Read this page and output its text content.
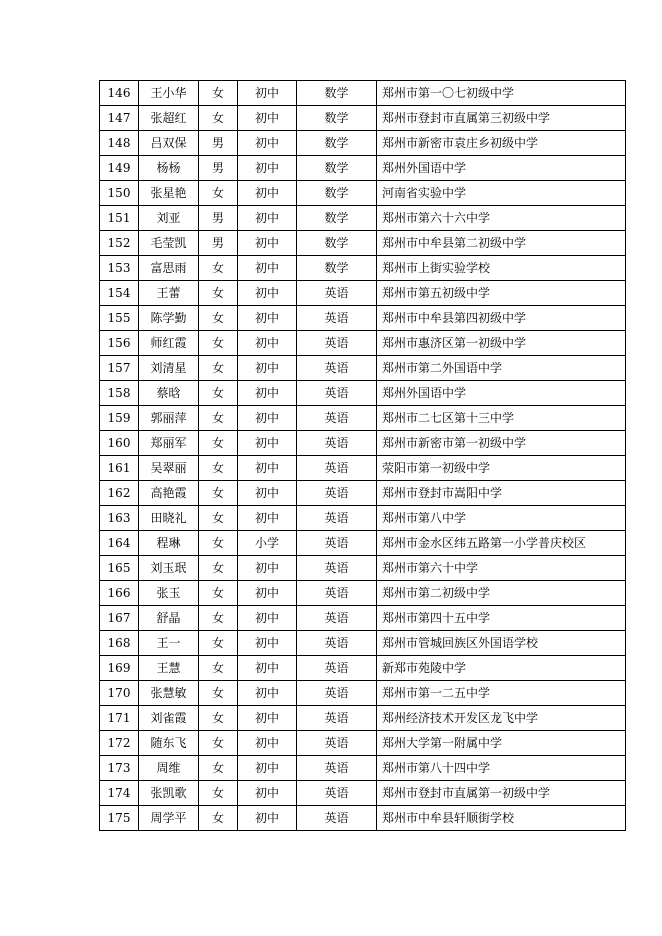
146	王小华	女	初中	数学	郑州市第一〇七初级中学
147	张超红	女	初中	数学	郑州市登封市直属第三初级中学
148	吕双保	男	初中	数学	郑州市新密市袁庄乡初级中学
149	杨杨	男	初中	数学	郑州外国语中学
150	张星艳	女	初中	数学	河南省实验中学
151	刘亚	男	初中	数学	郑州市第六十六中学
152	毛莹凯	男	初中	数学	郑州市中牟县第二初级中学
153	富思雨	女	初中	数学	郑州市上街实验学校
154	王蕾	女	初中	英语	郑州市第五初级中学
155	陈学勤	女	初中	英语	郑州市中牟县第四初级中学
156	师红霞	女	初中	英语	郑州市惠济区第一初级中学
157	刘清星	女	初中	英语	郑州市第二外国语中学
158	蔡晗	女	初中	英语	郑州外国语中学
159	郭丽萍	女	初中	英语	郑州市二七区第十三中学
160	郑丽军	女	初中	英语	郑州市新密市第一初级中学
161	吴翠丽	女	初中	英语	荥阳市第一初级中学
162	高艳霞	女	初中	英语	郑州市登封市嵩阳中学
163	田晓礼	女	初中	英语	郑州市第八中学
164	程琳	女	小学	英语	郑州市金水区纬五路第一小学普庆校区
165	刘玉珉	女	初中	英语	郑州市第六十中学
166	张玉	女	初中	英语	郑州市第二初级中学
167	舒晶	女	初中	英语	郑州市第四十五中学
168	王一	女	初中	英语	郑州市管城回族区外国语学校
169	王慧	女	初中	英语	新郑市苑陵中学
170	张慧敏	女	初中	英语	郑州市第一二五中学
171	刘雀霞	女	初中	英语	郑州经济技术开发区龙飞中学
172	随东飞	女	初中	英语	郑州大学第一附属中学
173	周维	女	初中	英语	郑州市第八十四中学
174	张凯歌	女	初中	英语	郑州市登封市直属第一初级中学
175	周学平	女	初中	英语	郑州市中牟县轩顺街学校
